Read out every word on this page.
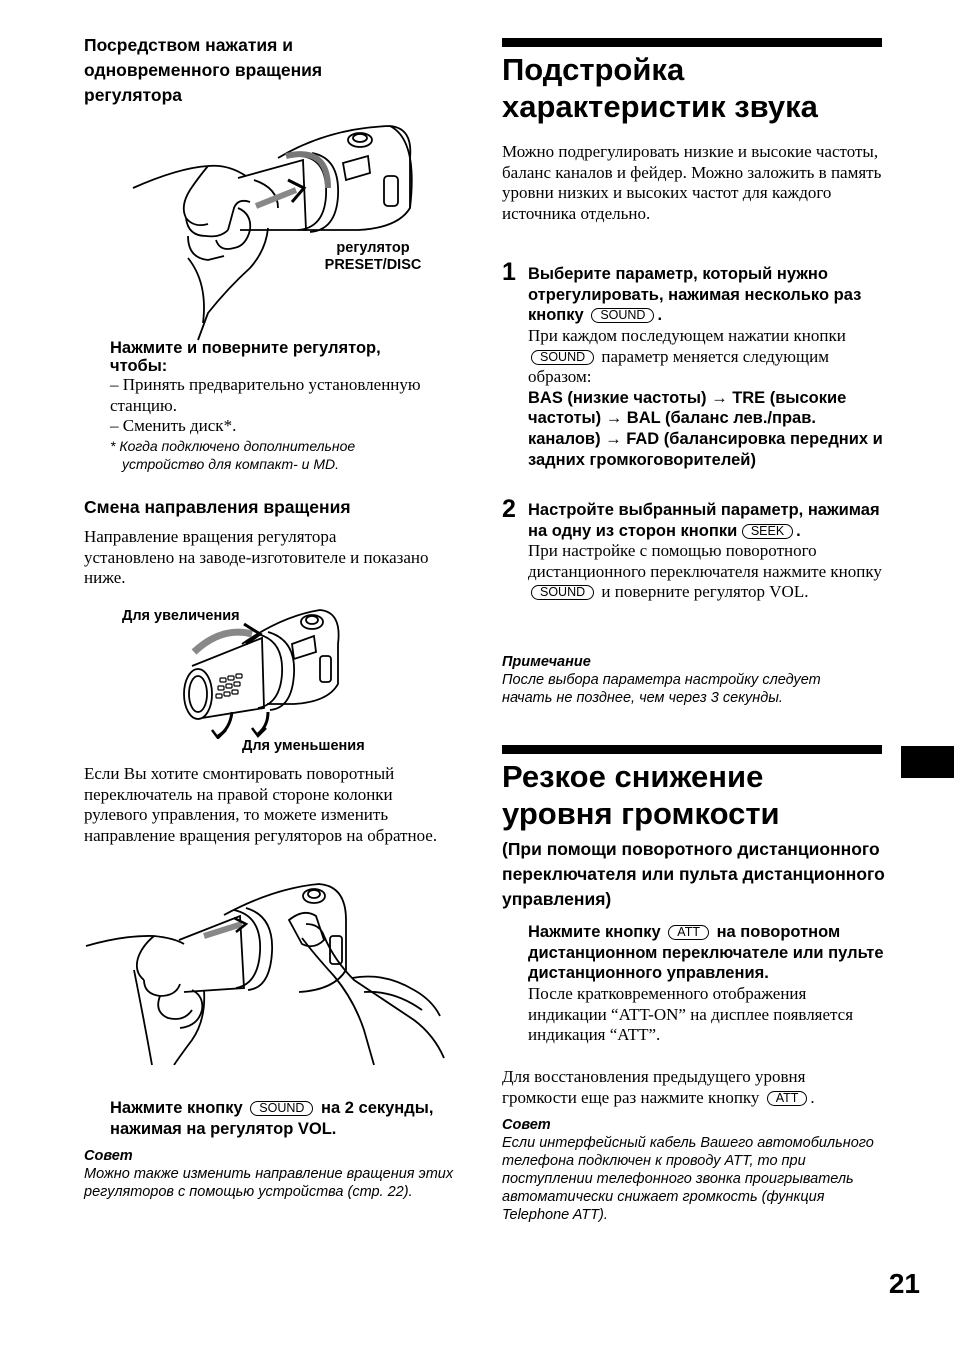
Посредством нажатия и одновременного вращения регулятора

регулятор
PRESET/DISC

Нажмите и поверните регулятор, чтобы:

– Принять предварительно установленную станцию.

– Сменить диск*.

* Когда подключено дополнительное устройство для компакт- и MD.

Смена направления вращения

Направление вращения регулятора установлено на заводе-изготовителе и показано ниже.

Для увеличения
Для уменьшения

Если Вы хотите смонтировать поворотный переключатель на правой стороне колонки рулевого управления, то можете изменить направление вращения регуляторов на обратное.

Нажмите кнопку SOUND на 2 секунды, нажимая на регулятор VOL.

Совет

Можно также изменить направление вращения этих регуляторов с помощью устройства (стр. 22).

Подстройка характеристик звука

Можно подрегулировать низкие и высокие частоты, баланс каналов и фейдер. Можно заложить в память уровни низких и высоких частот для каждого источника отдельно.

1 Выберите параметр, который нужно отрегулировать, нажимая несколько раз кнопку SOUND .

При каждом последующем нажатии кнопки SOUND параметр меняется следующим образом:

BAS (низкие частоты) → TRE (высокие частоты) → BAL (баланс лев./прав. каналов) → FAD (балансировка передних и задних громкоговорителей)

2 Настройте выбранный параметр, нажимая на одну из сторон кнопки SEEK .

При настройке с помощью поворотного дистанционного переключателя нажмите кнопку SOUND и поверните регулятор VOL.

Примечание

После выбора параметра настройку следует начать не позднее, чем через 3 секунды.

Резкое снижение уровня громкости

(При помощи поворотного дистанционного переключателя или пульта дистанционного управления)

Нажмите кнопку ATT на поворотном дистанционном переключателе или пульте дистанционного управления.

После кратковременного отображения индикации “ATT-ON” на дисплее появляется индикация “ATT”.

Для восстановления предыдущего уровня громкости еще раз нажмите кнопку ATT .

Совет

Если интерфейсный кабель Вашего автомобильного телефона подключен к проводу ATT, то при поступлении телефонного звонка проигрыватель автоматически снижает громкость (функция Telephone ATT).

21
